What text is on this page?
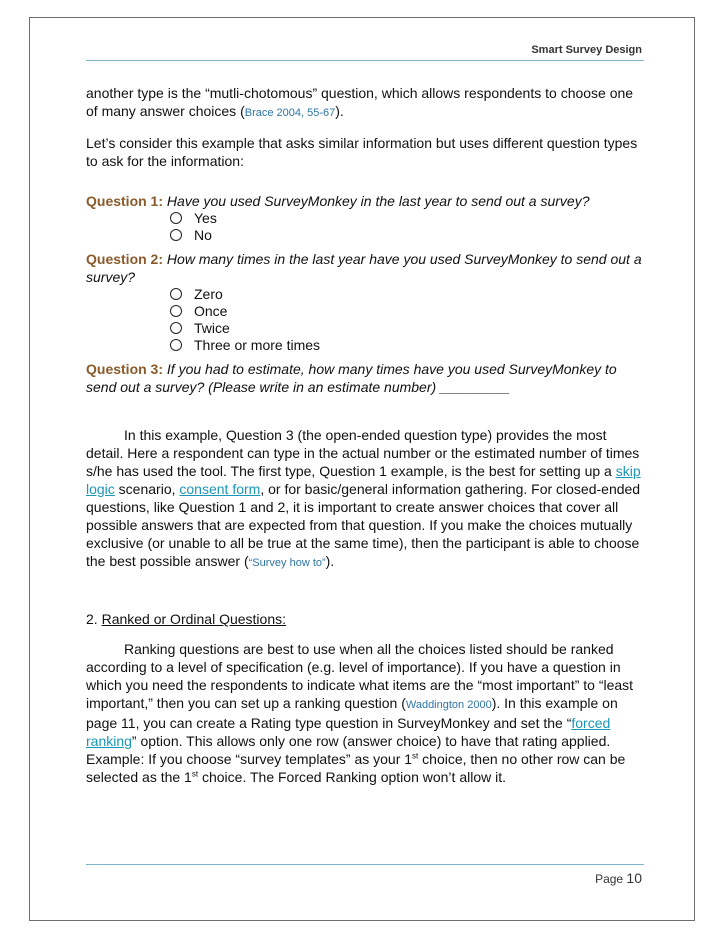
Smart Survey Design

another type is the “mutli-chotomous” question, which allows respondents to choose one of many answer choices (Brace 2004, 55-67).

Let’s consider this example that asks similar information but uses different question types to ask for the information:

Question 1: Have you used SurveyMonkey in the last year to send out a survey?

Yes
No

Question 2: How many times in the last year have you used SurveyMonkey to send out a survey?

Zero
Once
Twice
Three or more times

Question 3: If you had to estimate, how many times have you used SurveyMonkey to send out a survey? (Please write in an estimate number) _________

In this example, Question 3 (the open-ended question type) provides the most detail. Here a respondent can type in the actual number or the estimated number of times s/he has used the tool. The first type, Question 1 example, is the best for setting up a skip logic scenario, consent form, or for basic/general information gathering. For closed-ended questions, like Question 1 and 2, it is important to create answer choices that cover all possible answers that are expected from that question. If you make the choices mutually exclusive (or unable to all be true at the same time), then the participant is able to choose the best possible answer (“Survey how to”).

2. Ranked or Ordinal Questions:

Ranking questions are best to use when all the choices listed should be ranked according to a level of specification (e.g. level of importance). If you have a question in which you need the respondents to indicate what items are the “most important” to “least important,” then you can set up a ranking question (Waddington 2000). In this example on page 11, you can create a Rating type question in SurveyMonkey and set the “forced ranking” option. This allows only one row (answer choice) to have that rating applied. Example: If you choose “survey templates” as your 1st choice, then no other row can be selected as the 1st choice. The Forced Ranking option won’t allow it.

Page 10
